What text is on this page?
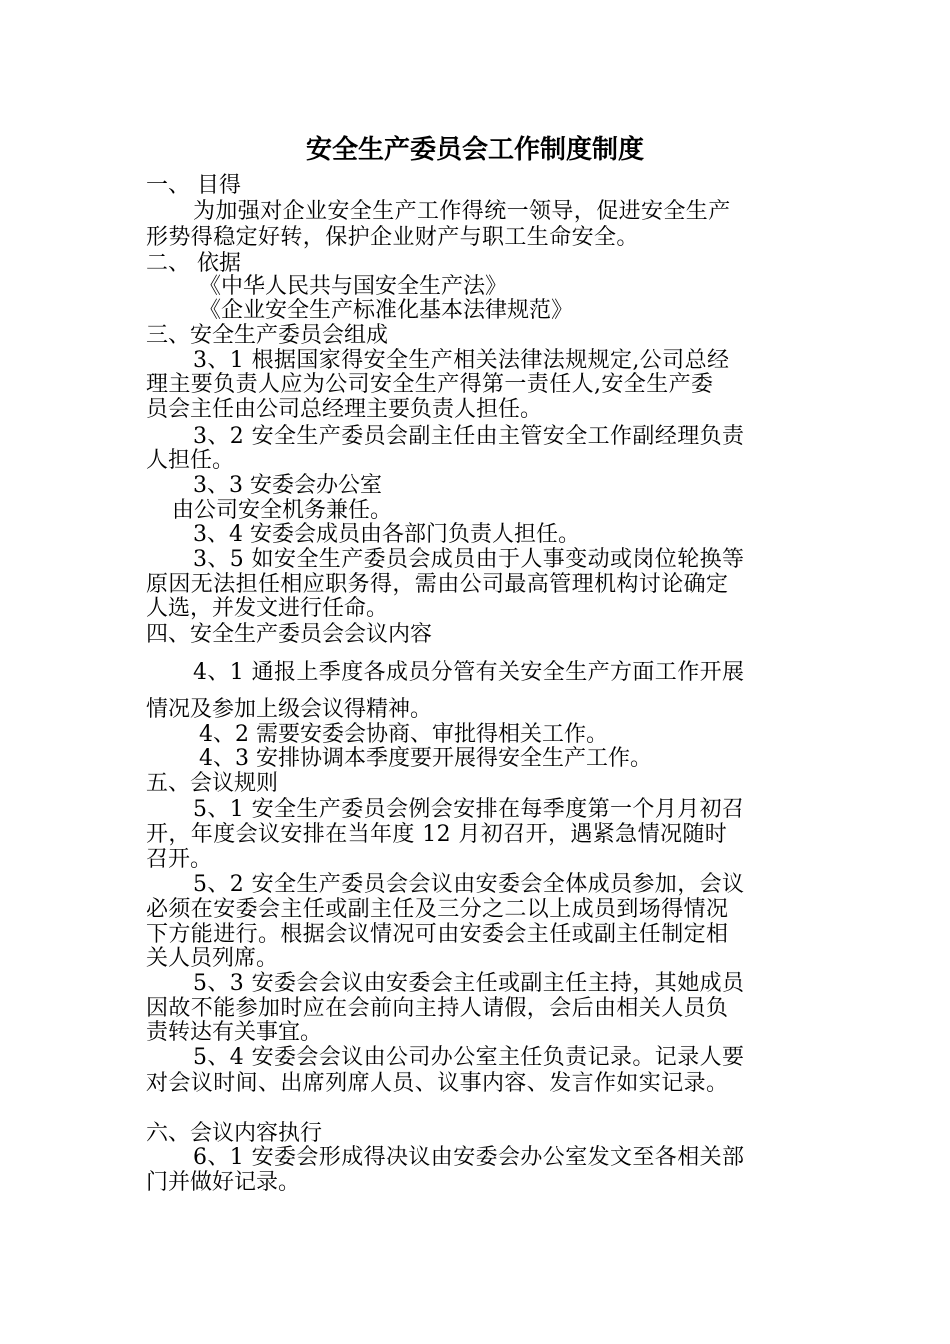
安全生产委员会工作制度制度
一、 目得
为加强对企业安全生产工作得统一领导，促进安全生产
形势得稳定好转，保护企业财产与职工生命安全。
二、 依据
《中华人民共与国安全生产法》
《企业安全生产标准化基本法律规范》
三、安全生产委员会组成
3、1 根据国家得安全生产相关法律法规规定,公司总经
理主要负责人应为公司安全生产得第一责任人,安全生产委
员会主任由公司总经理主要负责人担任。
3、2 安全生产委员会副主任由主管安全工作副经理负责
人担任。
3、3 安委会办公室
由公司安全机务兼任。
3、4 安委会成员由各部门负责人担任。
3、5 如安全生产委员会成员由于人事变动或岗位轮换等
原因无法担任相应职务得，需由公司最高管理机构讨论确定
人选，并发文进行任命。
四、安全生产委员会会议内容
4、1 通报上季度各成员分管有关安全生产方面工作开展
情况及参加上级会议得精神。
4、2 需要安委会协商、审批得相关工作。
4、3 安排协调本季度要开展得安全生产工作。
五、会议规则
5、1 安全生产委员会例会安排在每季度第一个月月初召
开，年度会议安排在当年度 12 月初召开，遇紧急情况随时
召开。
5、2 安全生产委员会会议由安委会全体成员参加，会议
必须在安委会主任或副主任及三分之二以上成员到场得情况
下方能进行。根据会议情况可由安委会主任或副主任制定相
关人员列席。
5、3 安委会会议由安委会主任或副主任主持，其她成员
因故不能参加时应在会前向主持人请假，会后由相关人员负
责转达有关事宜。
5、4 安委会会议由公司办公室主任负责记录。记录人要
对会议时间、出席列席人员、议事内容、发言作如实记录。
六、会议内容执行
6、1 安委会形成得决议由安委会办公室发文至各相关部
门并做好记录。
